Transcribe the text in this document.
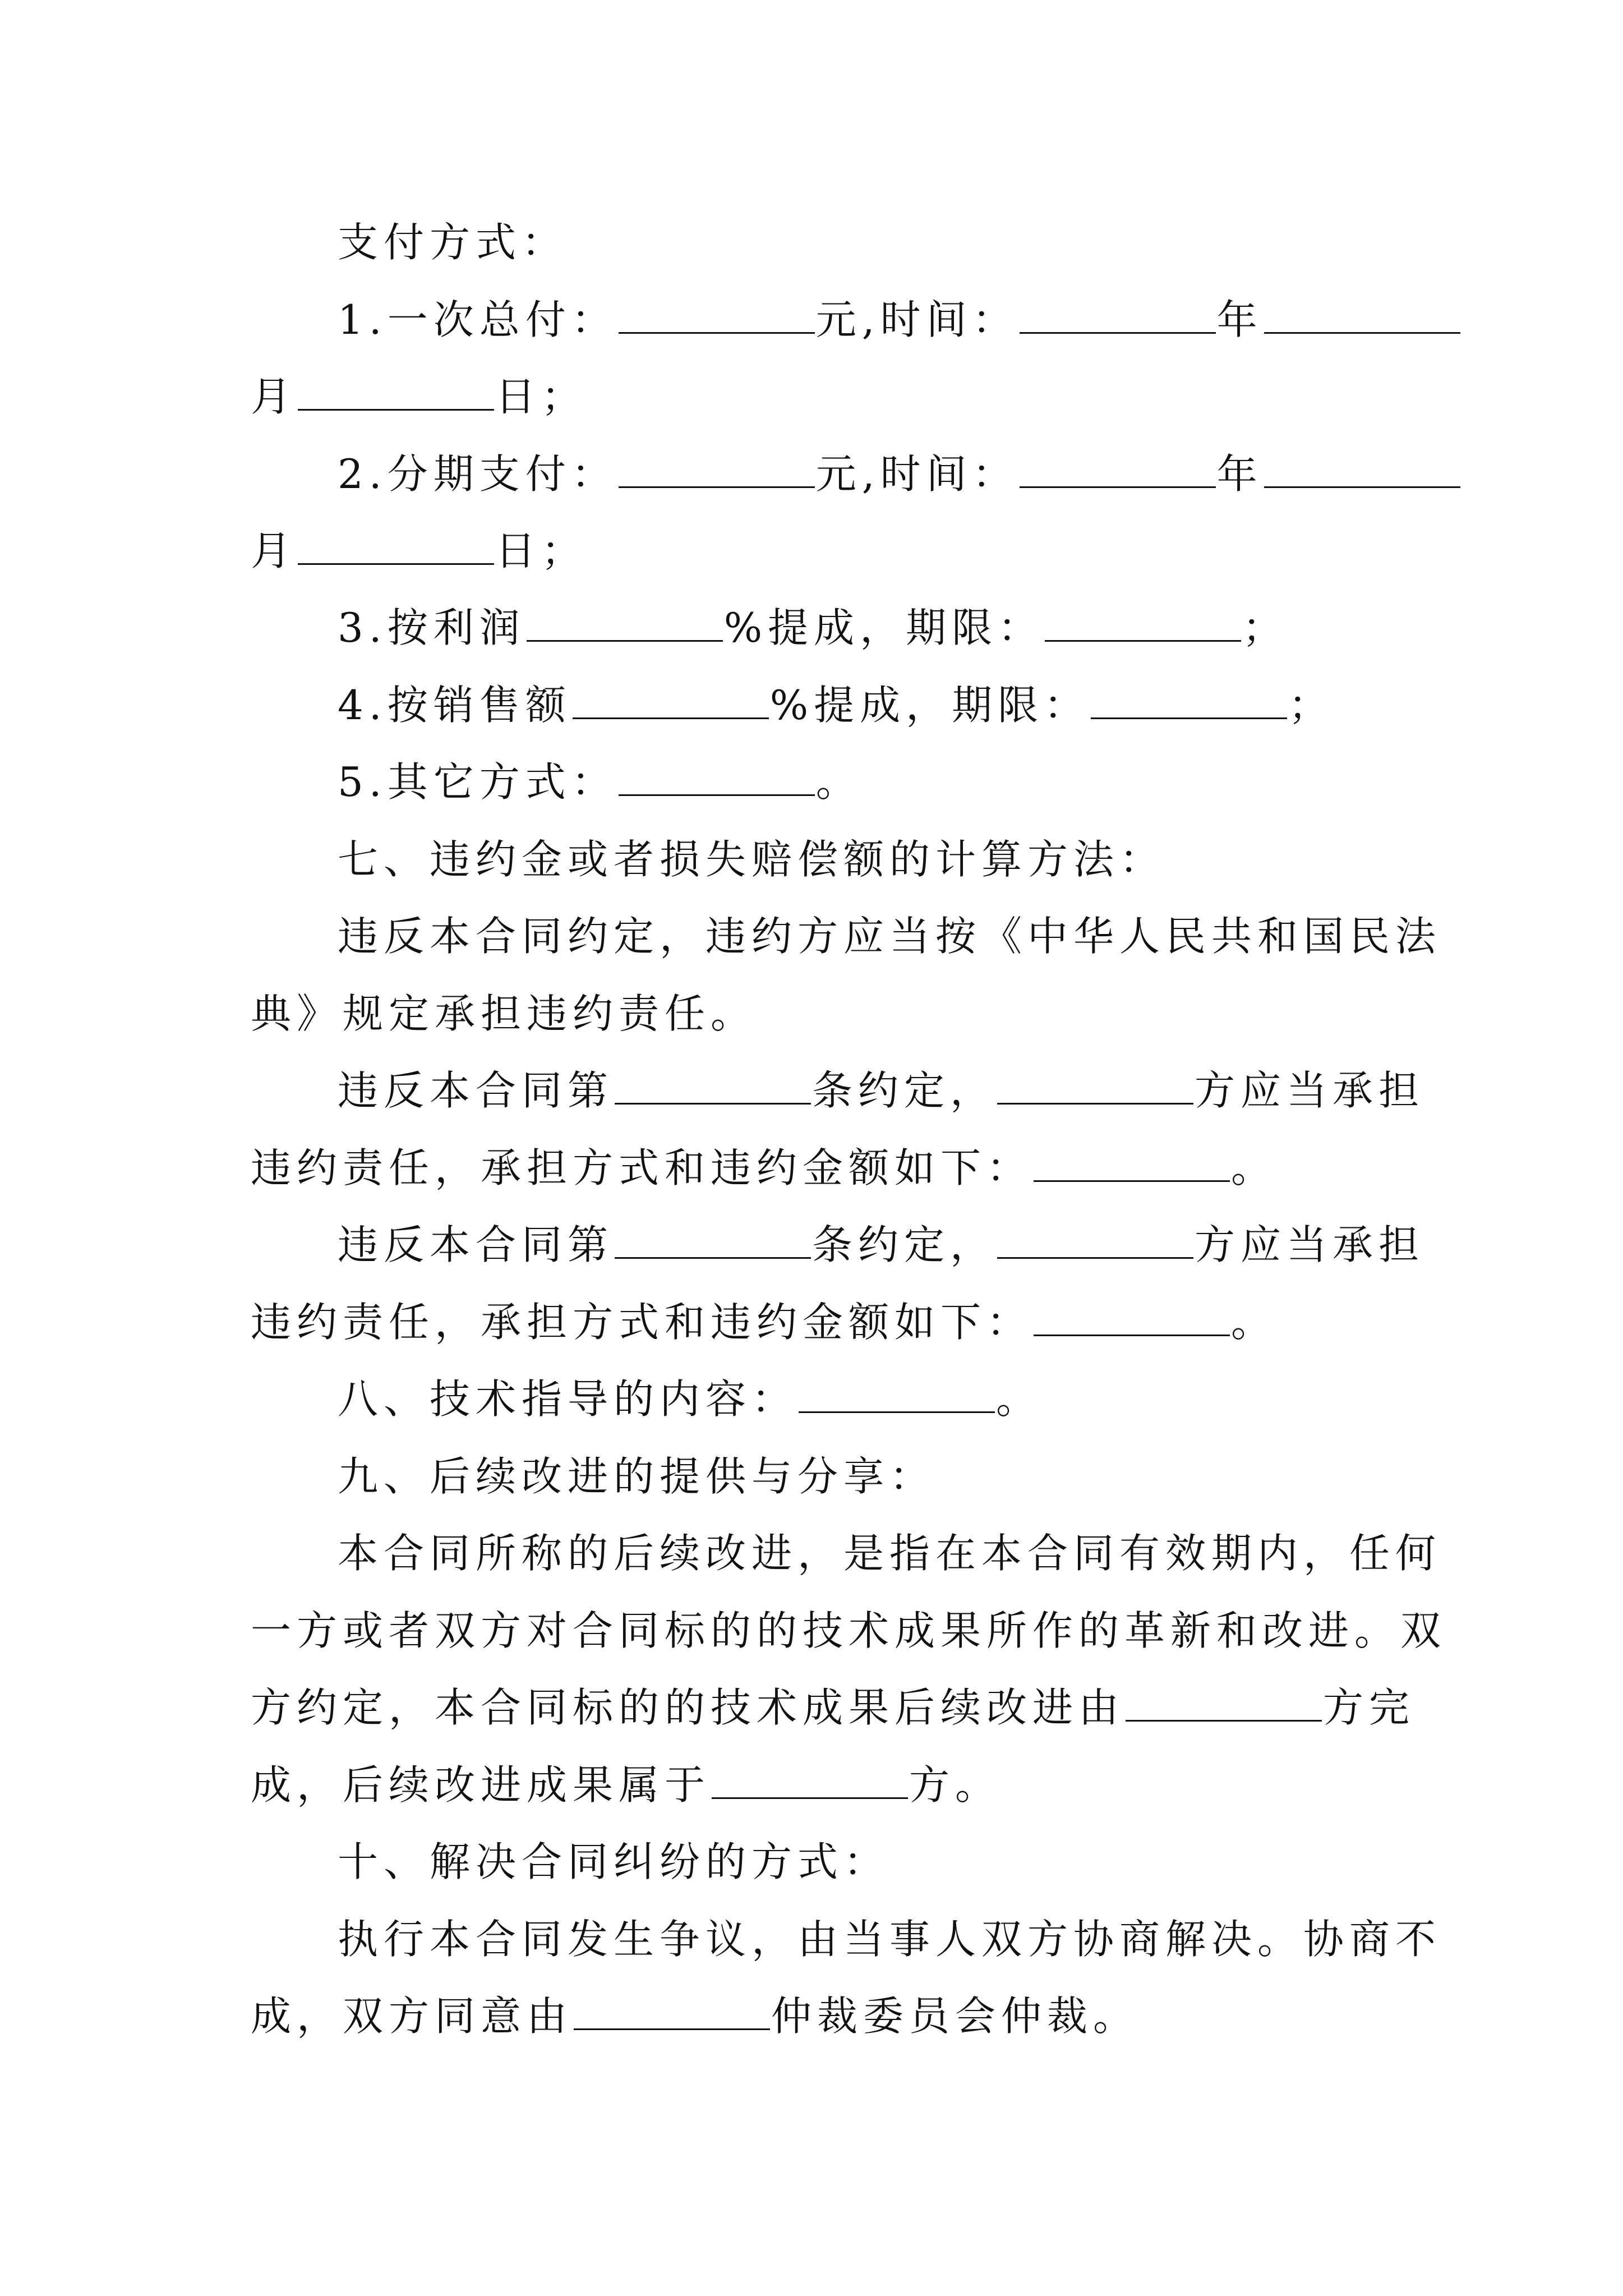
支付方式：
1.一次总付：	元,时间：	年
月	日；
2.分期支付：	元,时间：	年
月	日；
3.按利润	%提成，期限：	；
4.按销售额	%提成，期限：	；
5.其它方式：	。
七、违约金或者损失赔偿额的计算方法：
违反本合同约定，违约方应当按《中华人民共和国民法
典》规定承担违约责任。
违反本合同第	条约定，	方应当承担
违约责任，承担方式和违约金额如下：	。
违反本合同第	条约定，	方应当承担
违约责任，承担方式和违约金额如下：	。
八、技术指导的内容：	。
九、后续改进的提供与分享：
本合同所称的后续改进，是指在本合同有效期内，任何
一方或者双方对合同标的的技术成果所作的革新和改进。双
方约定，本合同标的的技术成果后续改进由	方完
成，后续改进成果属于	方。
十、解决合同纠纷的方式：
执行本合同发生争议，由当事人双方协商解决。协商不
成，双方同意由	仲裁委员会仲裁。
